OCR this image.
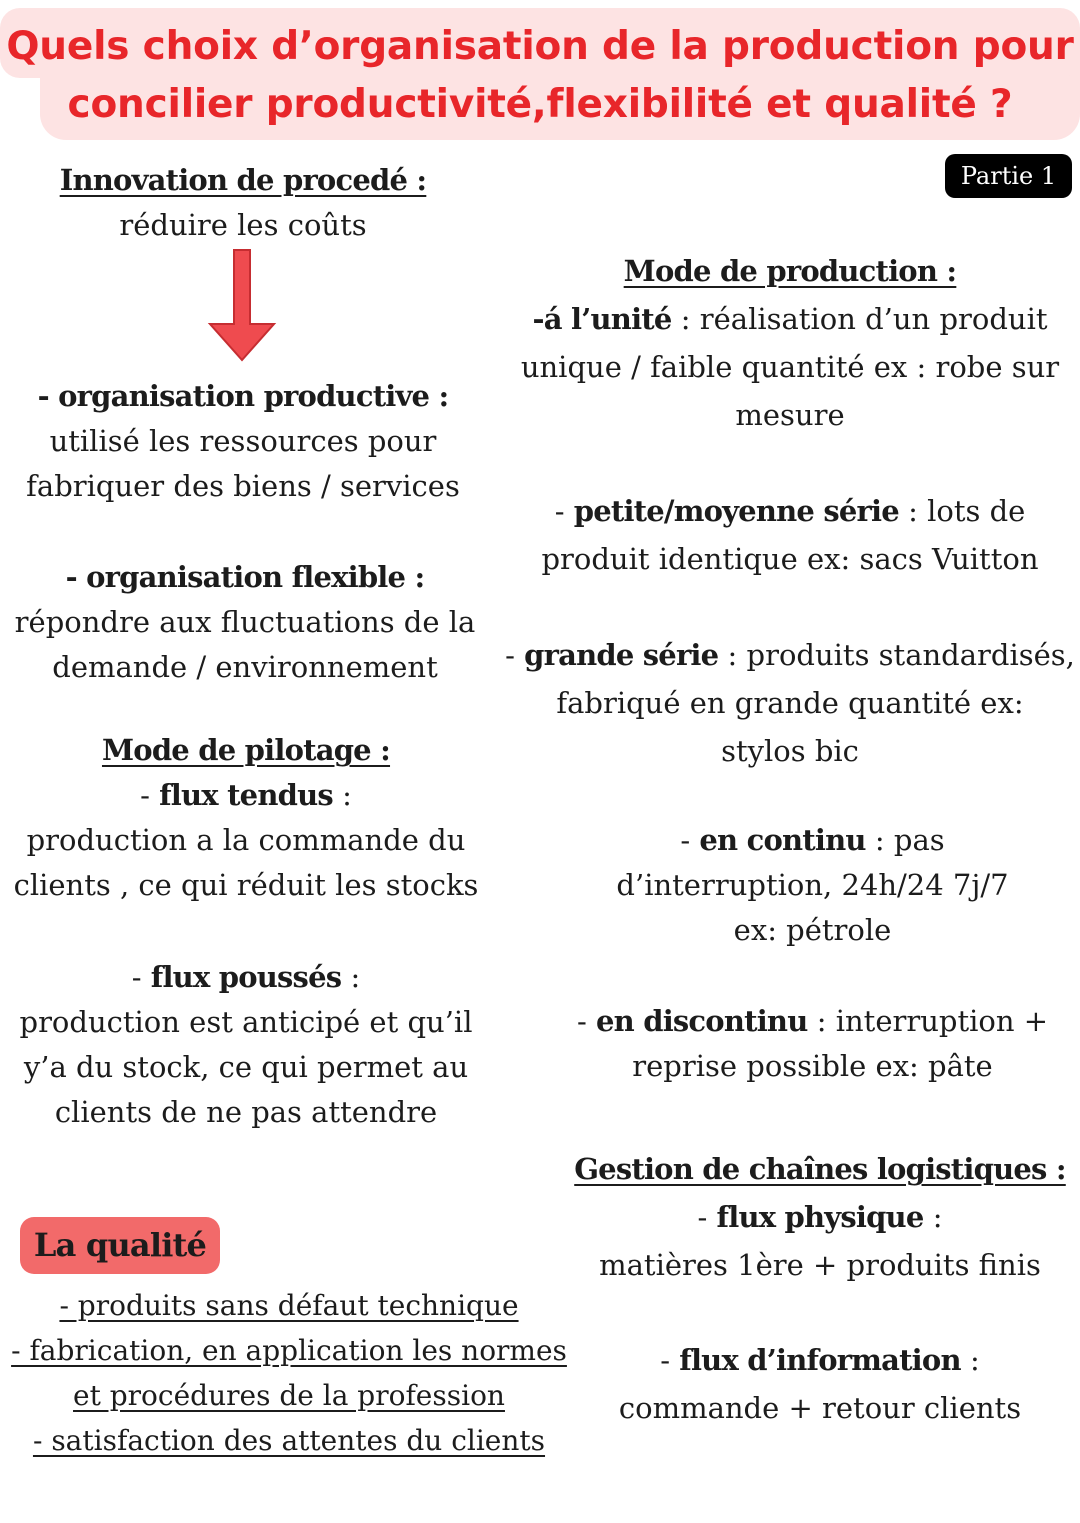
Quels choix d’organisation de la production pour concilier productivité,flexibilité et qualité ?
Partie 1
Innovation de procedé :
réduire les coûts
- organisation productive :
utilisé les ressources pour
fabriquer des biens / services
- organisation flexible :
répondre aux fluctuations de la
demande / environnement
Mode de pilotage :
- flux tendus :
production a la commande du
clients , ce qui réduit les stocks
- flux poussés :
production est anticipé et qu’il
y’a du stock, ce qui permet au
clients de ne pas attendre
La qualité
- produits sans défaut technique
- fabrication, en application les normes
et procédures de la profession
- satisfaction des attentes du clients
Mode de production :
-á l’unité : réalisation d’un produit
unique / faible quantité ex : robe sur
mesure
- petite/moyenne série : lots de
produit identique ex: sacs Vuitton
- grande série : produits standardisés,
fabriqué en grande quantité ex:
stylos bic
- en continu : pas
d’interruption, 24h/24 7j/7
ex: pétrole
- en discontinu : interruption +
reprise possible ex: pâte
Gestion de chaînes logistiques :
- flux physique :
matières 1ère + produits finis
- flux d’information :
commande + retour clients
